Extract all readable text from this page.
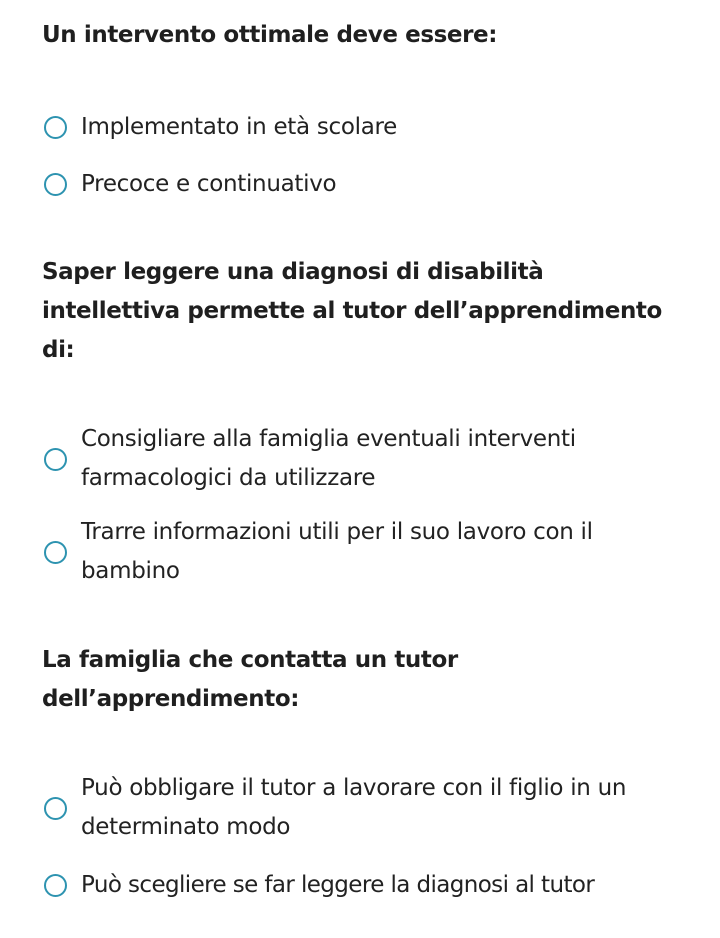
Un intervento ottimale deve essere:

Implementato in età scolare
Precoce e continuativo

Saper leggere una diagnosi di disabilità intellettiva permette al tutor dell’apprendimento di:

Consigliare alla famiglia eventuali interventi farmacologici da utilizzare
Trarre informazioni utili per il suo lavoro con il bambino

La famiglia che contatta un tutor dell’apprendimento:

Può obbligare il tutor a lavorare con il figlio in un determinato modo
Può scegliere se far leggere la diagnosi al tutor
